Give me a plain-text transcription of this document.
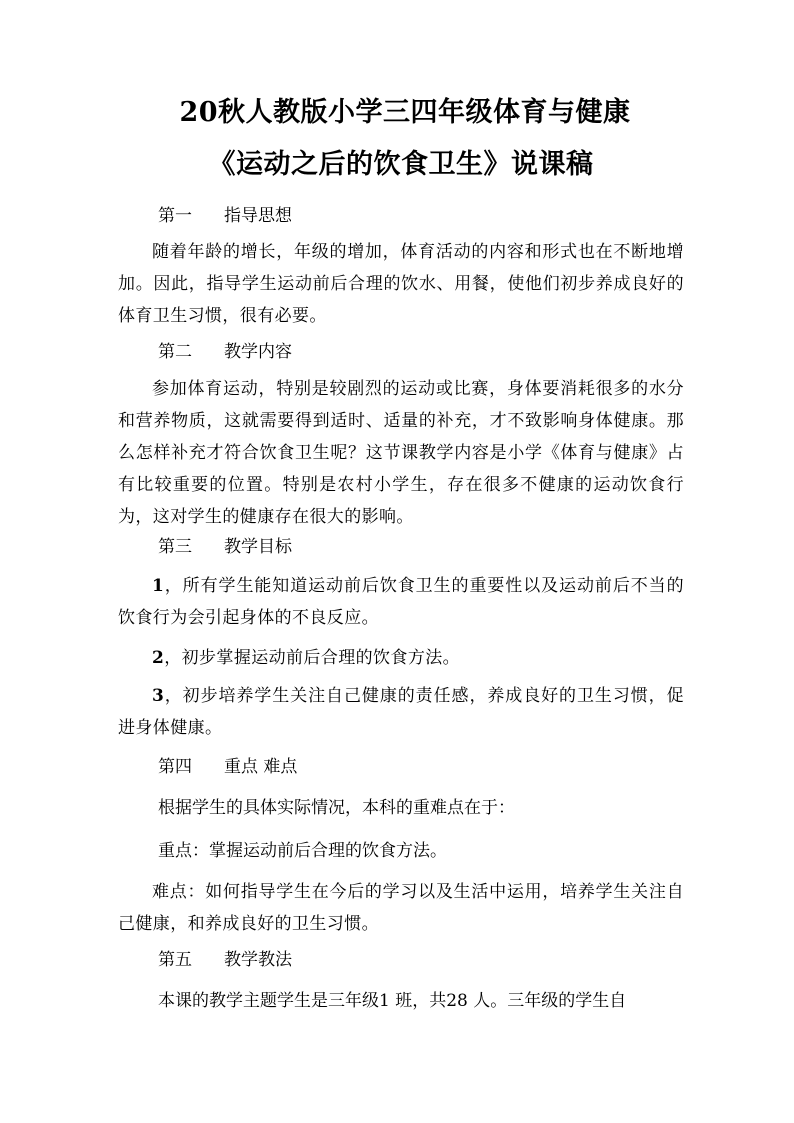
20秋人教版小学三四年级体育与健康
《运动之后的饮食卫生》说课稿
第一 指导思想
随着年龄的增长，年级的增加，体育活动的内容和形式也在不断地增加。因此，指导学生运动前后合理的饮水、用餐，使他们初步养成良好的体育卫生习惯，很有必要。
第二 教学内容
参加体育运动，特别是较剧烈的运动或比赛，身体要消耗很多的水分和营养物质，这就需要得到适时、适量的补充，才不致影响身体健康。那么怎样补充才符合饮食卫生呢？这节课教学内容是小学《体育与健康》占有比较重要的位置。特别是农村小学生，存在很多不健康的运动饮食行为，这对学生的健康存在很大的影响。
第三 教学目标
1，所有学生能知道运动前后饮食卫生的重要性以及运动前后不当的饮食行为会引起身体的不良反应。
2，初步掌握运动前后合理的饮食方法。
3，初步培养学生关注自己健康的责任感，养成良好的卫生习惯，促进身体健康。
第四 重点 难点
根据学生的具体实际情况，本科的重难点在于：
重点：掌握运动前后合理的饮食方法。
难点：如何指导学生在今后的学习以及生活中运用，培养学生关注自己健康，和养成良好的卫生习惯。
第五 教学教法
本课的教学主题学生是三年级1 班，共28 人。三年级的学生自
